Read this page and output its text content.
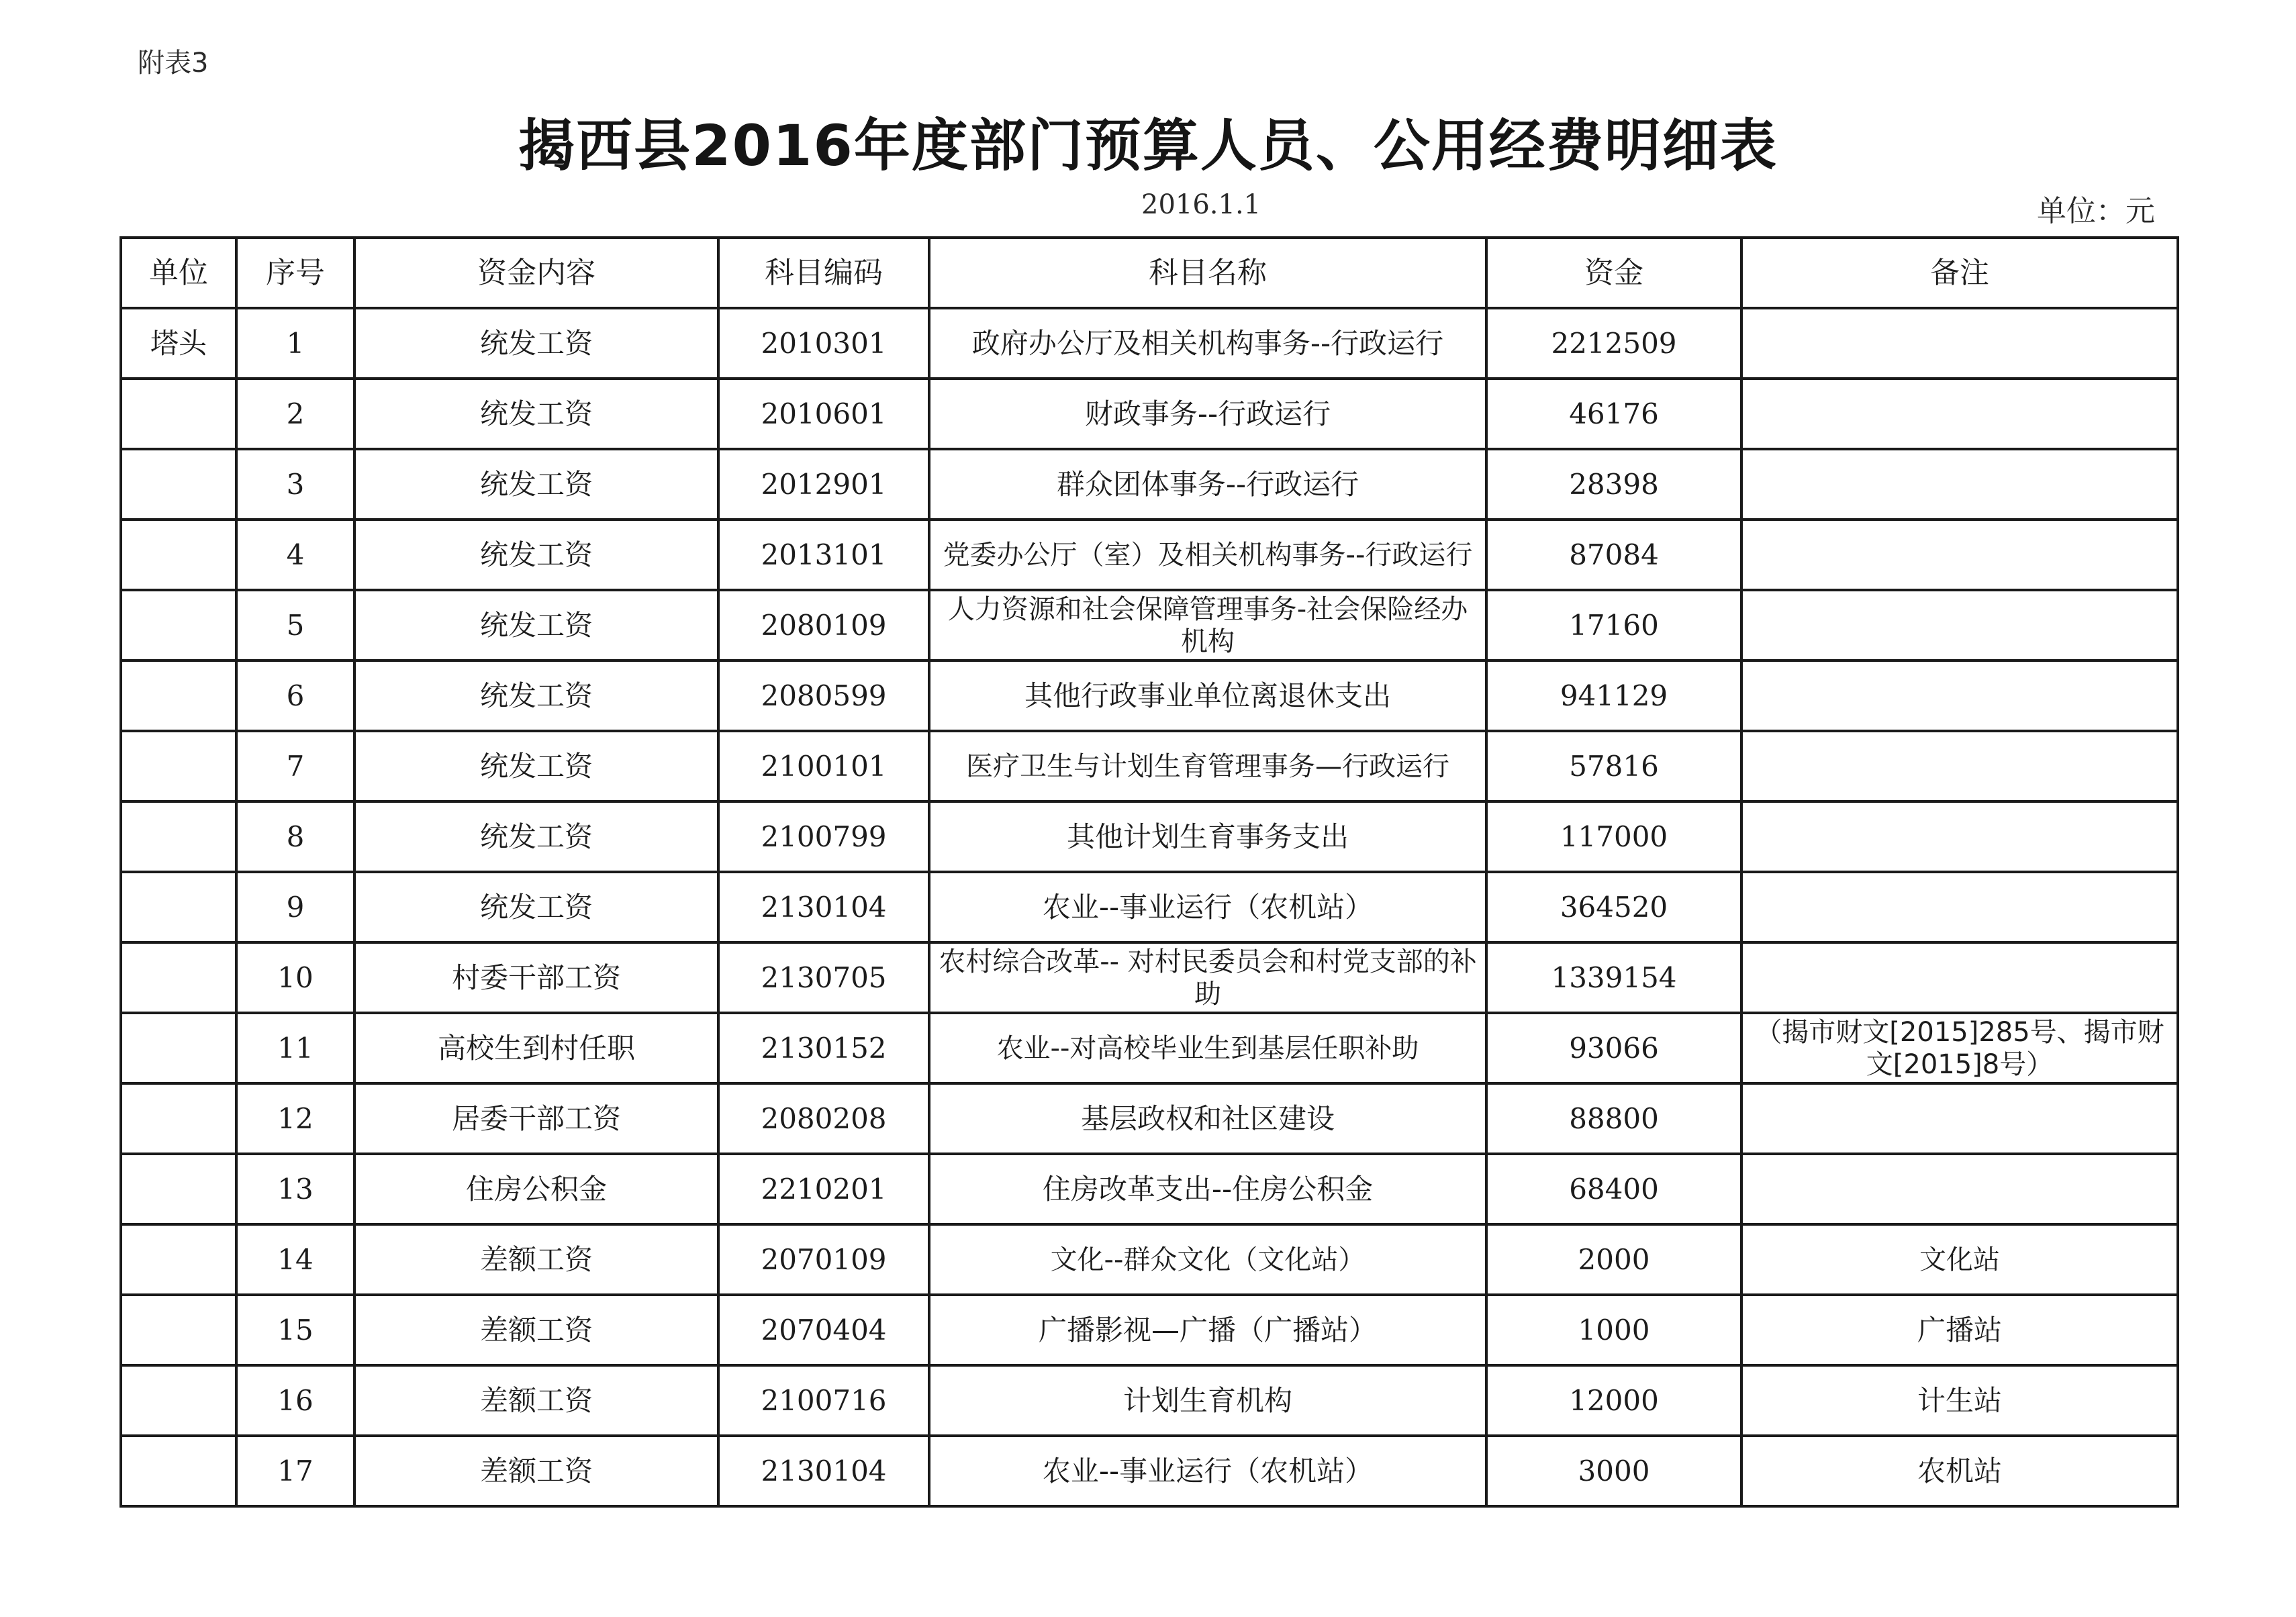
附表3
揭西县2016年度部门预算人员、公用经费明细表
2016.1.1	单位：元
单位	序号	资金内容	科目编码	科目名称	资金	备注
塔头	1	统发工资	2010301	政府办公厅及相关机构事务--行政运行	2212509	
	2	统发工资	2010601	财政事务--行政运行	46176	
	3	统发工资	2012901	群众团体事务--行政运行	28398	
	4	统发工资	2013101	党委办公厅（室）及相关机构事务--行政运行	87084	
	5	统发工资	2080109	人力资源和社会保障管理事务-社会保险经办机构	17160	
	6	统发工资	2080599	其他行政事业单位离退休支出	941129	
	7	统发工资	2100101	医疗卫生与计划生育管理事务—行政运行	57816	
	8	统发工资	2100799	其他计划生育事务支出	117000	
	9	统发工资	2130104	农业--事业运行（农机站）	364520	
	10	村委干部工资	2130705	农村综合改革-- 对村民委员会和村党支部的补助	1339154	
	11	高校生到村任职	2130152	农业--对高校毕业生到基层任职补助	93066	（揭市财文[2015]285号、揭市财文[2015]8号）
	12	居委干部工资	2080208	基层政权和社区建设	88800	
	13	住房公积金	2210201	住房改革支出--住房公积金	68400	
	14	差额工资	2070109	文化--群众文化（文化站）	2000	文化站
	15	差额工资	2070404	广播影视—广播（广播站）	1000	广播站
	16	差额工资	2100716	计划生育机构	12000	计生站
	17	差额工资	2130104	农业--事业运行（农机站）	3000	农机站
